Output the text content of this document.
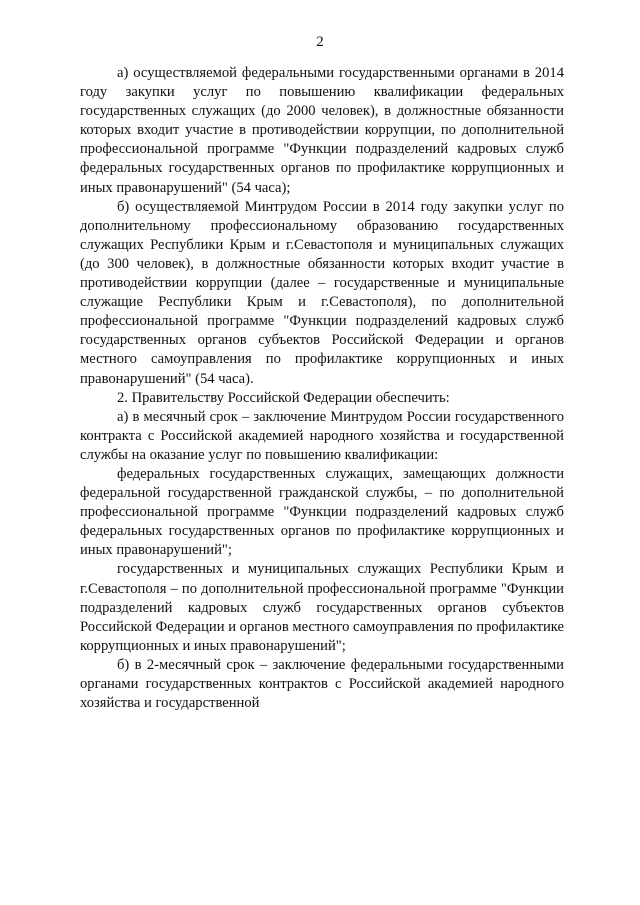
2

а) осуществляемой федеральными государственными органами в 2014 году закупки услуг по повышению квалификации федеральных государственных служащих (до 2000 человек), в должностные обязанности которых входит участие в противодействии коррупции, по дополнительной профессиональной программе "Функции подразделений кадровых служб федеральных государственных органов по профилактике коррупционных и иных правонарушений" (54 часа);

б) осуществляемой Минтрудом России в 2014 году закупки услуг по дополнительному профессиональному образованию государственных служащих Республики Крым и г.Севастополя и муниципальных служащих (до 300 человек), в должностные обязанности которых входит участие в противодействии коррупции (далее – государственные и муниципальные служащие Республики Крым и г.Севастополя), по дополнительной профессиональной программе "Функции подразделений кадровых служб государственных органов субъектов Российской Федерации и органов местного самоуправления по профилактике коррупционных и иных правонарушений" (54 часа).

2. Правительству Российской Федерации обеспечить:

а) в месячный срок – заключение Минтрудом России государственного контракта с Российской академией народного хозяйства и государственной службы на оказание услуг по повышению квалификации:

федеральных государственных служащих, замещающих должности федеральной государственной гражданской службы, – по дополнительной профессиональной программе "Функции подразделений кадровых служб федеральных государственных органов по профилактике коррупционных и иных правонарушений";

государственных и муниципальных служащих Республики Крым и г.Севастополя – по дополнительной профессиональной программе "Функции подразделений кадровых служб государственных органов субъектов Российской Федерации и органов местного самоуправления по профилактике коррупционных и иных правонарушений";

б) в 2-месячный срок – заключение федеральными государственными органами государственных контрактов с Российской академией народного хозяйства и государственной
